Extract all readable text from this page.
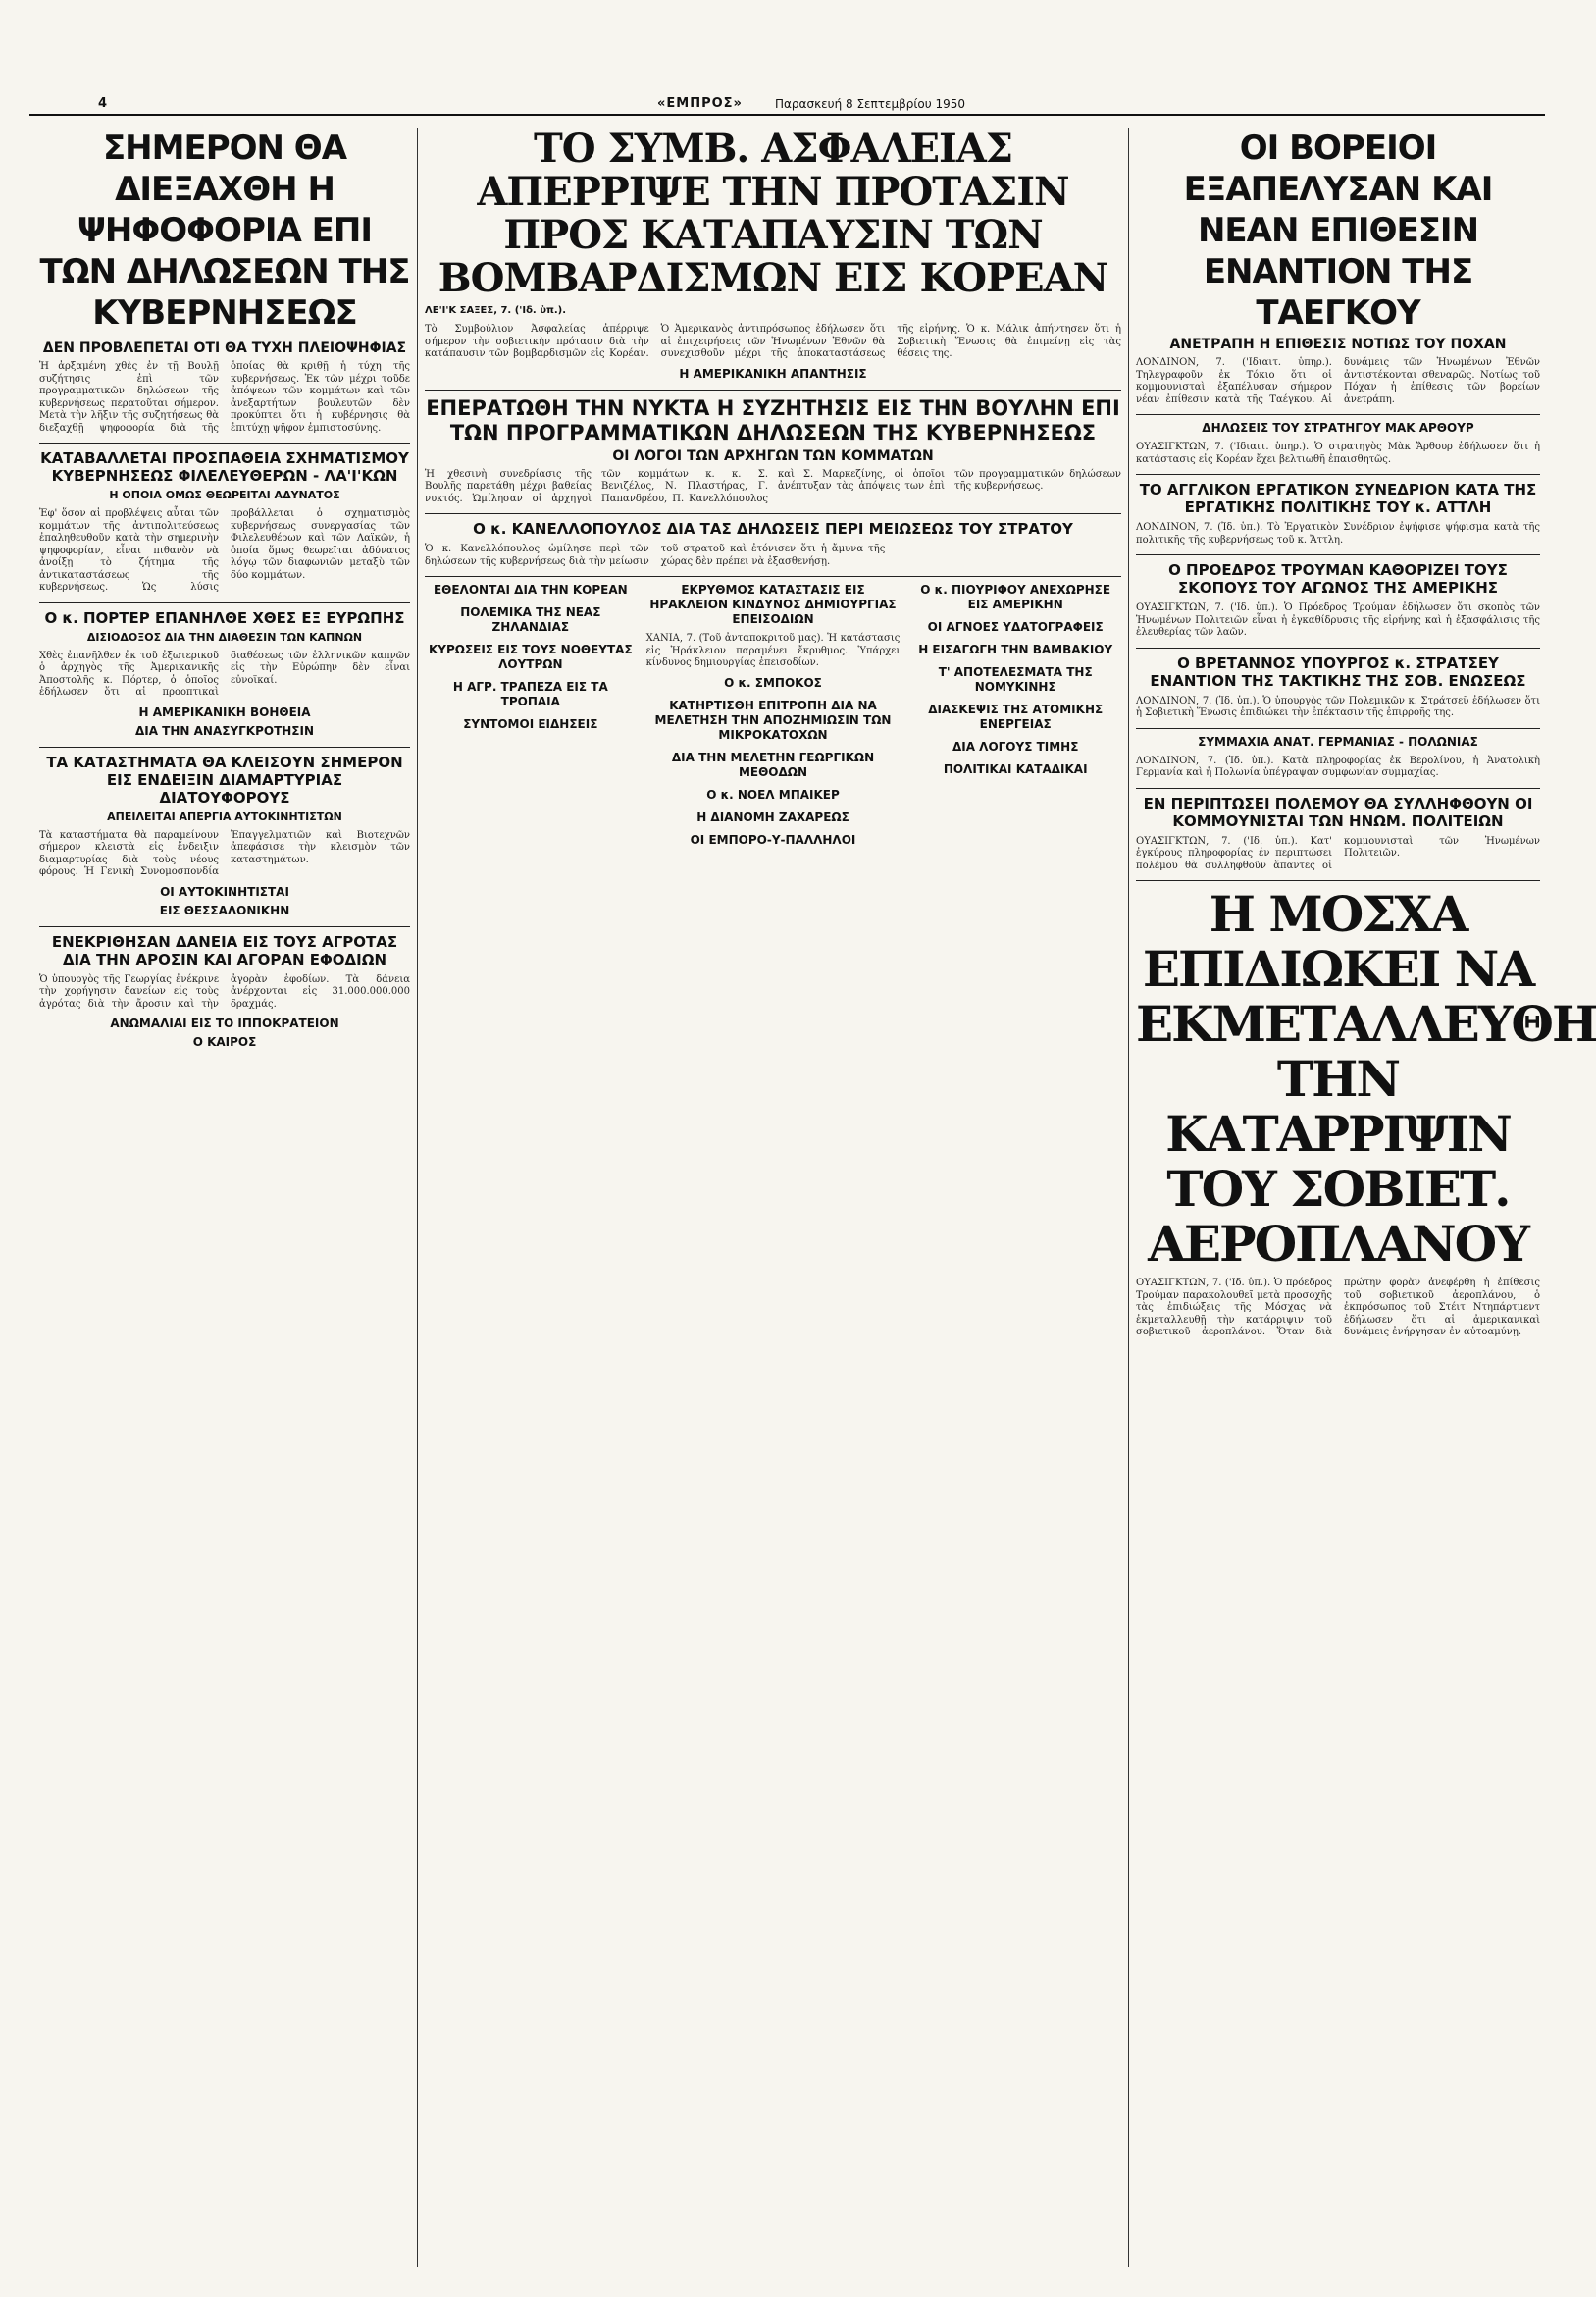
4	«ΕΜΠΡΟΣ»	Παρασκευή 8 Σεπτεμβρίου 1950
ΣΗΜΕΡΟΝ ΘΑ ΔΙΕΞΑΧΘΗ Η ΨΗΦΟΦΟΡΙΑ ΕΠΙ ΤΩΝ ΔΗΛΩΣΕΩΝ ΤΗΣ ΚΥΒΕΡΝΗΣΕΩΣ
ΔΕΝ ΠΡΟΒΛΕΠΕΤΑΙ ΟΤΙ ΘΑ ΤΥΧΗ ΠΛΕΙΟΨΗΦΙΑΣ

Ἡ ἀρξαμένη χθὲς ἐν τῇ Βουλῇ συζήτησις ἐπὶ τῶν προγραμματικῶν δηλώσεων τῆς κυβερνήσεως περατοῦται σήμερον. Μετὰ τὴν λῆξιν τῆς συζητήσεως θὰ διεξαχθῇ ψηφοφορία διὰ τῆς ὁποίας θὰ κριθῇ ἡ τύχη τῆς κυβερνήσεως. Ἐκ τῶν μέχρι τοῦδε ἀπόψεων τῶν κομμάτων καὶ τῶν ἀνεξαρτήτων βουλευτῶν δὲν προκύπτει ὅτι ἡ κυβέρνησις θὰ ἐπιτύχῃ ψῆφον ἐμπιστοσύνης.

ΚΑΤΑΒΑΛΛΕΤΑΙ ΠΡΟΣΠΑΘΕΙΑ ΣΧΗΜΑΤΙΣΜΟΥ ΚΥΒΕΡΝΗΣΕΩΣ ΦΙΛΕΛΕΥΘΕΡΩΝ - ΛΑ'Ι'ΚΩΝ
Η ΟΠΟΙΑ ΟΜΩΣ ΘΕΩΡΕΙΤΑΙ ΑΔΥΝΑΤΟΣ

Ἐφ' ὅσον αἱ προβλέψεις αὗται τῶν κομμάτων τῆς ἀντιπολιτεύσεως ἐπαληθευθοῦν κατὰ τὴν σημερινὴν ψηφοφορίαν, εἶναι πιθανὸν νὰ ἀνοίξῃ τὸ ζήτημα τῆς ἀντικαταστάσεως τῆς κυβερνήσεως. Ὡς λύσις προβάλλεται ὁ σχηματισμὸς κυβερνήσεως συνεργασίας τῶν Φιλελευθέρων καὶ τῶν Λαϊκῶν, ἡ ὁποία ὅμως θεωρεῖται ἀδύνατος λόγῳ τῶν διαφωνιῶν μεταξὺ τῶν δύο κομμάτων.

Ο κ. ΠΟΡΤΕΡ ΕΠΑΝΗΛΘΕ ΧΘΕΣ ΕΞ ΕΥΡΩΠΗΣ
ΔΙΣΙΟΔΟΞΟΣ ΔΙΑ ΤΗΝ ΔΙΑΘΕΣΙΝ ΤΩΝ ΚΑΠΝΩΝ

Χθὲς ἐπανῆλθεν ἐκ τοῦ ἐξωτερικοῦ ὁ ἀρχηγὸς τῆς Ἀμερικανικῆς Ἀποστολῆς κ. Πόρτερ, ὁ ὁποῖος ἐδήλωσεν ὅτι αἱ προοπτικαὶ διαθέσεως τῶν ἑλληνικῶν καπνῶν εἰς τὴν Εὐρώπην δὲν εἶναι εὐνοϊκαί.

Η ΑΜΕΡΙΚΑΝΙΚΗ ΒΟΗΘΕΙΑ
ΔΙΑ ΤΗΝ ΑΝΑΣΥΓΚΡΟΤΗΣΙΝ
ΤΑ ΚΑΤΑΣΤΗΜΑΤΑ ΘΑ ΚΛΕΙΣΟΥΝ ΣΗΜΕΡΟΝ ΕΙΣ ΕΝΔΕΙΞΙΝ ΔΙΑΜΑΡΤΥΡΙΑΣ ΔΙΑΤΟΥΦΟΡΟΥΣ
ΑΠΕΙΛΕΙΤΑΙ ΑΠΕΡΓΙΑ ΑΥΤΟΚΙΝΗΤΙΣΤΩΝ

Τὰ καταστήματα θὰ παραμείνουν σήμερον κλειστὰ εἰς ἔνδειξιν διαμαρτυρίας διὰ τοὺς νέους φόρους. Ἡ Γενικὴ Συνομοσπονδία Ἐπαγγελματιῶν καὶ Βιοτεχνῶν ἀπεφάσισε τὴν κλεισμὸν τῶν καταστημάτων.

ΟΙ ΑΥΤΟΚΙΝΗΤΙΣΤΑΙ
ΕΙΣ ΘΕΣΣΑΛΟΝΙΚΗΝ
ΕΝΕΚΡΙΘΗΣΑΝ ΔΑΝΕΙΑ ΕΙΣ ΤΟΥΣ ΑΓΡΟΤΑΣ ΔΙΑ ΤΗΝ ΑΡΟΣΙΝ ΚΑΙ ΑΓΟΡΑΝ ΕΦΟΔΙΩΝ

Ὁ ὑπουργὸς τῆς Γεωργίας ἐνέκρινε τὴν χορήγησιν δανείων εἰς τοὺς ἀγρότας διὰ τὴν ἄροσιν καὶ τὴν ἀγορὰν ἐφοδίων. Τὰ δάνεια ἀνέρχονται εἰς 31.000.000.000 δραχμάς.

ΑΝΩΜΑΛΙΑΙ ΕΙΣ ΤΟ ΙΠΠΟΚΡΑΤΕΙΟΝ
Ο ΚΑΙΡΟΣ
ΤΟ ΣΥΜΒ. ΑΣΦΑΛΕΙΑΣ ΑΠΕΡΡΙΨΕ ΤΗΝ ΠΡΟΤΑΣΙΝ ΠΡΟΣ ΚΑΤΑΠΑΥΣΙΝ ΤΩΝ ΒΟΜΒΑΡΔΙΣΜΩΝ ΕΙΣ ΚΟΡΕΑΝ
ΛΕ'Ι'Κ ΣΑΞΕΣ, 7. ('Ιδ. ὑπ.).

Τὸ Συμβούλιον Ἀσφαλείας ἀπέρριψε σήμερον τὴν σοβιετικὴν πρότασιν διὰ τὴν κατάπαυσιν τῶν βομβαρδισμῶν εἰς Κορέαν. Ὁ Ἀμερικανὸς ἀντιπρόσωπος ἐδήλωσεν ὅτι αἱ ἐπιχειρήσεις τῶν Ἡνωμένων Ἐθνῶν θὰ συνεχισθοῦν μέχρι τῆς ἀποκαταστάσεως τῆς εἰρήνης. Ὁ κ. Μάλικ ἀπήντησεν ὅτι ἡ Σοβιετικὴ Ἕνωσις θὰ ἐπιμείνῃ εἰς τὰς θέσεις της.

Η ΑΜΕΡΙΚΑΝΙΚΗ ΑΠΑΝΤΗΣΙΣ
ΕΠΕΡΑΤΩΘΗ ΤΗΝ ΝΥΚΤΑ Η ΣΥΖΗΤΗΣΙΣ ΕΙΣ ΤΗΝ ΒΟΥΛΗΝ ΕΠΙ ΤΩΝ ΠΡΟΓΡΑΜΜΑΤΙΚΩΝ ΔΗΛΩΣΕΩΝ ΤΗΣ ΚΥΒΕΡΝΗΣΕΩΣ
ΟΙ ΛΟΓΟΙ ΤΩΝ ΑΡΧΗΓΩΝ ΤΩΝ ΚΟΜΜΑΤΩΝ

Ἡ χθεσινὴ συνεδρίασις τῆς Βουλῆς παρετάθη μέχρι βαθείας νυκτός. Ὡμίλησαν οἱ ἀρχηγοὶ τῶν κομμάτων κ. κ. Σ. Βενιζέλος, Ν. Πλαστήρας, Γ. Παπανδρέου, Π. Κανελλόπουλος καὶ Σ. Μαρκεζίνης, οἱ ὁποῖοι ἀνέπτυξαν τὰς ἀπόψεις των ἐπὶ τῶν προγραμματικῶν δηλώσεων τῆς κυβερνήσεως.

Ο κ. ΚΑΝΕΛΛΟΠΟΥΛΟΣ ΔΙΑ ΤΑΣ ΔΗΛΩΣΕΙΣ ΠΕΡΙ ΜΕΙΩΣΕΩΣ ΤΟΥ ΣΤΡΑΤΟΥ

Ὁ κ. Κανελλόπουλος ὡμίλησε περὶ τῶν δηλώσεων τῆς κυβερνήσεως διὰ τὴν μείωσιν τοῦ στρατοῦ καὶ ἐτόνισεν ὅτι ἡ ἄμυνα τῆς χώρας δὲν πρέπει νὰ ἐξασθενήσῃ.

ΕΘΕΛΟΝΤΑΙ ΔΙΑ ΤΗΝ ΚΟΡΕΑΝ
ΠΟΛΕΜΙΚΑ ΤΗΣ ΝΕΑΣ ΖΗΛΑΝΔΙΑΣ
ΚΥΡΩΣΕΙΣ ΕΙΣ ΤΟΥΣ ΝΟΘΕΥΤΑΣ ΛΟΥΤΡΩΝ
Η ΑΓΡ. ΤΡΑΠΕΖΑ ΕΙΣ ΤΑ ΤΡΟΠΑΙΑ
ΣΥΝΤΟΜΟΙ ΕΙΔΗΣΕΙΣ
ΕΚΡΥΘΜΟΣ ΚΑΤΑΣΤΑΣΙΣ ΕΙΣ ΗΡΑΚΛΕΙΟΝ ΚΙΝΔΥΝΟΣ ΔΗΜΙΟΥΡΓΙΑΣ ΕΠΕΙΣΟΔΙΩΝ

ΧΑΝΙΑ, 7. (Τοῦ ἀνταποκριτοῦ μας). Ἡ κατάστασις εἰς Ἡράκλειον παραμένει ἔκρυθμος. Ὑπάρχει κίνδυνος δημιουργίας ἐπεισοδίων.

Ο κ. ΣΜΠΟΚΟΣ
ΚΑΤΗΡΤΙΣΘΗ ΕΠΙΤΡΟΠΗ ΔΙΑ ΝΑ ΜΕΛΕΤΗΣΗ ΤΗΝ ΑΠΟΖΗΜΙΩΣΙΝ ΤΩΝ ΜΙΚΡΟΚΑΤΟΧΩΝ
ΔΙΑ ΤΗΝ ΜΕΛΕΤΗΝ ΓΕΩΡΓΙΚΩΝ ΜΕΘΟΔΩΝ
Ο κ. ΝΟΕΛ ΜΠΑΙΚΕΡ
Η ΔΙΑΝΟΜΗ ΖΑΧΑΡΕΩΣ
ΟΙ ΕΜΠΟΡΟ-Υ-ΠΑΛΛΗΛΟΙ
Ο κ. ΠΙΟΥΡΙΦΟΥ ΑΝΕΧΩΡΗΣΕ ΕΙΣ ΑΜΕΡΙΚΗΝ
ΟΙ ΑΓΝΟΕΣ ΥΔΑΤΟΓΡΑΦΕΙΣ
Η ΕΙΣΑΓΩΓΗ ΤΗΝ ΒΑΜΒΑΚΙΟΥ
Τ' ΑΠΟΤΕΛΕΣΜΑΤΑ ΤΗΣ ΝΟΜΥΚΙΝΗΣ
ΔΙΑΣΚΕΨΙΣ ΤΗΣ ΑΤΟΜΙΚΗΣ ΕΝΕΡΓΕΙΑΣ
ΔΙΑ ΛΟΓΟΥΣ ΤΙΜΗΣ
ΠΟΛΙΤΙΚΑΙ ΚΑΤΑΔΙΚΑΙ
ΟΙ ΒΟΡΕΙΟΙ ΕΞΑΠΕΛΥΣΑΝ ΚΑΙ ΝΕΑΝ ΕΠΙΘΕΣΙΝ ΕΝΑΝΤΙΟΝ ΤΗΣ ΤΑΕΓΚΟΥ
ΑΝΕΤΡΑΠΗ Η ΕΠΙΘΕΣΙΣ ΝΟΤΙΩΣ ΤΟΥ ΠΟΧΑΝ

ΛΟΝΔΙΝΟΝ, 7. ('Ιδιαιτ. ὑπηρ.). Τηλεγραφοῦν ἐκ Τόκιο ὅτι οἱ κομμουνισταὶ ἐξαπέλυσαν σήμερον νέαν ἐπίθεσιν κατὰ τῆς Ταέγκου. Αἱ δυνάμεις τῶν Ἡνωμένων Ἐθνῶν ἀντιστέκονται σθεναρῶς. Νοτίως τοῦ Πόχαν ἡ ἐπίθεσις τῶν βορείων ἀνετράπη.

ΔΗΛΩΣΕΙΣ ΤΟΥ ΣΤΡΑΤΗΓΟΥ ΜΑΚ ΑΡΘΟΥΡ

ΟΥΑΣΙΓΚΤΩΝ, 7. ('Ιδιαιτ. ὑπηρ.). Ὁ στρατηγὸς Μὰκ Ἄρθουρ ἐδήλωσεν ὅτι ἡ κατάστασις εἰς Κορέαν ἔχει βελτιωθῆ ἐπαισθητῶς.

ΤΟ ΑΓΓΛΙΚΟΝ ΕΡΓΑΤΙΚΟΝ ΣΥΝΕΔΡΙΟΝ ΚΑΤΑ ΤΗΣ ΕΡΓΑΤΙΚΗΣ ΠΟΛΙΤΙΚΗΣ ΤΟΥ κ. ΑΤΤΛΗ

ΛΟΝΔΙΝΟΝ, 7. (Ἰδ. ὑπ.). Τὸ Ἐργατικὸν Συνέδριον ἐψήφισε ψήφισμα κατὰ τῆς πολιτικῆς τῆς κυβερνήσεως τοῦ κ. Ἄττλη.

Ο ΠΡΟΕΔΡΟΣ ΤΡΟΥΜΑΝ ΚΑΘΟΡΙΖΕΙ ΤΟΥΣ ΣΚΟΠΟΥΣ ΤΟΥ ΑΓΩΝΟΣ ΤΗΣ ΑΜΕΡΙΚΗΣ

ΟΥΑΣΙΓΚΤΩΝ, 7. ('Ιδ. ὑπ.). Ὁ Πρόεδρος Τρούμαν ἐδήλωσεν ὅτι σκοπὸς τῶν Ἡνωμένων Πολιτειῶν εἶναι ἡ ἐγκαθίδρυσις τῆς εἰρήνης καὶ ἡ ἐξασφάλισις τῆς ἐλευθερίας τῶν λαῶν.

Ο ΒΡΕΤΑΝΝΟΣ ΥΠΟΥΡΓΟΣ κ. ΣΤΡΑΤΣΕΥ ΕΝΑΝΤΙΟΝ ΤΗΣ ΤΑΚΤΙΚΗΣ ΤΗΣ ΣΟΒ. ΕΝΩΣΕΩΣ

ΛΟΝΔΙΝΟΝ, 7. (Ἰδ. ὑπ.). Ὁ ὑπουργὸς τῶν Πολεμικῶν κ. Στράτσεϋ ἐδήλωσεν ὅτι ἡ Σοβιετικὴ Ἕνωσις ἐπιδιώκει τὴν ἐπέκτασιν τῆς ἐπιρροῆς της.

ΣΥΜΜΑΧΙΑ ΑΝΑΤ. ΓΕΡΜΑΝΙΑΣ - ΠΟΛΩΝΙΑΣ

ΛΟΝΔΙΝΟΝ, 7. (Ἰδ. ὑπ.). Κατὰ πληροφορίας ἐκ Βερολίνου, ἡ Ἀνατολικὴ Γερμανία καὶ ἡ Πολωνία ὑπέγραψαν συμφωνίαν συμμαχίας.

ΕΝ ΠΕΡΙΠΤΩΣΕΙ ΠΟΛΕΜΟΥ ΘΑ ΣΥΛΛΗΦΘΟΥΝ ΟΙ ΚΟΜΜΟΥΝΙΣΤΑΙ ΤΩΝ ΗΝΩΜ. ΠΟΛΙΤΕΙΩΝ

ΟΥΑΣΙΓΚΤΩΝ, 7. ('Ιδ. ὑπ.). Κατ' ἐγκύρους πληροφορίας ἐν περιπτώσει πολέμου θὰ συλληφθοῦν ἅπαντες οἱ κομμουνισταὶ τῶν Ἡνωμένων Πολιτειῶν.

Η ΜΟΣΧΑ ΕΠΙΔΙΩΚΕΙ ΝΑ ΕΚΜΕΤΑΛΛΕΥΘΗ ΤΗΝ ΚΑΤΑΡΡΙΨΙΝ ΤΟΥ ΣΟΒΙΕΤ. ΑΕΡΟΠΛΑΝΟΥ

ΟΥΑΣΙΓΚΤΩΝ, 7. ('Ιδ. ὑπ.). Ὁ πρόεδρος Τρούμαν παρακολουθεῖ μετὰ προσοχῆς τὰς ἐπιδιώξεις τῆς Μόσχας νὰ ἐκμεταλλευθῇ τὴν κατάρριψιν τοῦ σοβιετικοῦ ἀεροπλάνου. Ὅταν διὰ πρώτην φορὰν ἀνεφέρθη ἡ ἐπίθεσις τοῦ σοβιετικοῦ ἀεροπλάνου, ὁ ἐκπρόσωπος τοῦ Στέιτ Ντηπάρτμεντ ἐδήλωσεν ὅτι αἱ ἀμερικανικαὶ δυνάμεις ἐνήργησαν ἐν αὐτοαμύνῃ.
